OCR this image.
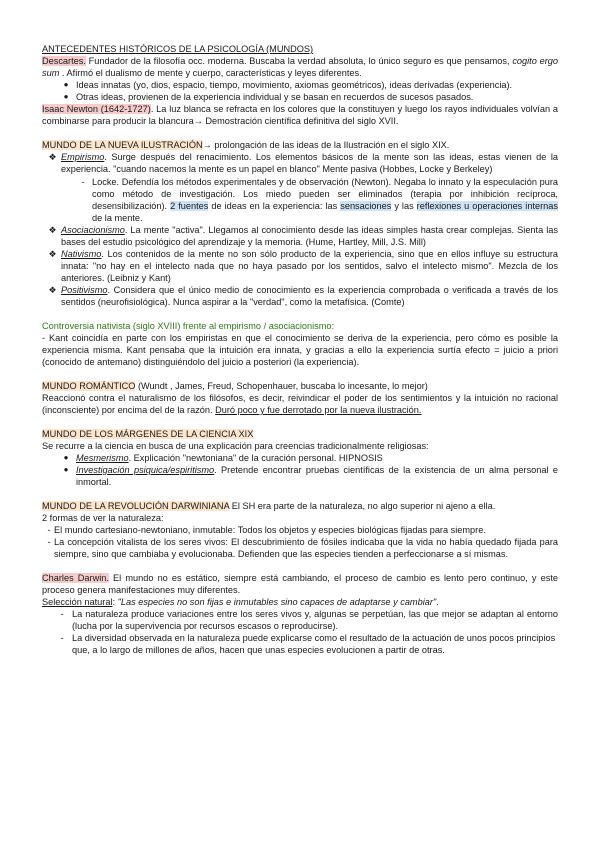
ANTECEDENTES HISTÓRICOS DE LA PSICOLOGÍA (MUNDOS)

Descartes. Fundador de la filosofía occ. moderna. Buscaba la verdad absoluta, lo único seguro es que pensamos, cogito ergo sum . Afirmó el dualismo de mente y cuerpo, características y leyes diferentes.

● Ideas innatas (yo, dios, espacio, tiempo, movimiento, axiomas geométricos), ideas derivadas (experiencia).
● Otras ideas, provienen de la experiencia individual y se basan en recuerdos de sucesos pasados.

Isaac Newton (1642-1727). La luz blanca se refracta en los colores que la constituyen y luego los rayos individuales volvían a combinarse para producir la blancura→ Demostración científica definitiva del siglo XVII.

MUNDO DE LA NUEVA ILUSTRACIÓN→ prolongación de las ideas de la Ilustración en el siglo XIX.

❖ Empirismo. Surge después del renacimiento. Los elementos básicos de la mente son las ideas, estas vienen de la experiencia. "cuando nacemos la mente es un papel en blanco" Mente pasiva (Hobbes, Locke y Berkeley)

- Locke. Defendía los métodos experimentales y de observación (Newton). Negaba lo innato y la especulación pura como método de investigación. Los miedo pueden ser eliminados (terapia por inhibición recíproca, desensibilización). 2 fuentes de ideas en la experiencia: las sensaciones y las reflexiones u operaciones internas de la mente.

❖ Asociacionismo. La mente "activa". Llegamos al conocimiento desde las ideas simples hasta crear complejas. Sienta las bases del estudio psicológico del aprendizaje y la memoria. (Hume, Hartley, Mill, J.S. Mill)

❖ Nativismo. Los contenidos de la mente no son sólo producto de la experiencia, sino que en ellos influye su estructura innata: "no hay en el intelecto nada que no haya pasado por los sentidos, salvo el intelecto mismo". Mezcla de los anteriores. (Leibniz y Kant)

❖ Positivismo. Considera que el único medio de conocimiento es la experiencia comprobada o verificada a través de los sentidos (neurofisiológica). Nunca aspirar a la "verdad", como la metafísica. (Comte)

Controversia nativista (siglo XVIII) frente al empirismo / asociacionismo:

- Kant coincidía en parte con los empiristas en que el conocimiento se deriva de la experiencia, pero cómo es posible la experiencia misma. Kant pensaba que la intuición era innata, y gracias a ello la experiencia surtía efecto = juicio a priori (conocido de antemano) distinguiéndolo del juicio a posteriori (la experiencia).

MUNDO ROMÁNTICO (Wundt , James, Freud, Schopenhauer, buscaba lo incesante, lo mejor)

Reaccionó contra el naturalismo de los filósofos, es decir, reivindicar el poder de los sentimientos y la intuición no racional (inconsciente) por encima del de la razón. Duró poco y fue derrotado por la nueva ilustración.

MUNDO DE LOS MÁRGENES DE LA CIENCIA XIX

Se recurre a la ciencia en busca de una explicación para creencias tradicionalmente religiosas:

● Mesmerismo. Explicación "newtoniana" de la curación personal. HIPNOSIS

● Investigación psiquica/espiritismo. Pretende encontrar pruebas científicas de la existencia de un alma personal e inmortal.

MUNDO DE LA REVOLUCIÓN DARWINIANA El SH era parte de la naturaleza, no algo superior ni ajeno a ella.

2 formas de ver la naturaleza:

- El mundo cartesiano-newtoniano, inmutable: Todos los objetos y especies biológicas fijadas para siempre.
- La concepción vitalista de los seres vivos: El descubrimiento de fósiles indicaba que la vida no había quedado fijada para siempre, sino que cambiaba y evolucionaba. Defienden que las especies tienden a perfeccionarse a sí mismas.

Charles Darwin. El mundo no es estático, siempre está cambiando, el proceso de cambio es lento pero continuo, y este proceso genera manifestaciones muy diferentes.

Selección natural: "Las especies no son fijas e inmutables sino capaces de adaptarse y cambiar".

- La naturaleza produce variaciones entre los seres vivos y, algunas se perpetúan, las que mejor se adaptan al entorno (lucha por la supervivencia por recursos escasos o reproducirse).
- La diversidad observada en la naturaleza puede explicarse como el resultado de la actuación de unos pocos principios que, a lo largo de millones de años, hacen que unas especies evolucionen a partir de otras.
